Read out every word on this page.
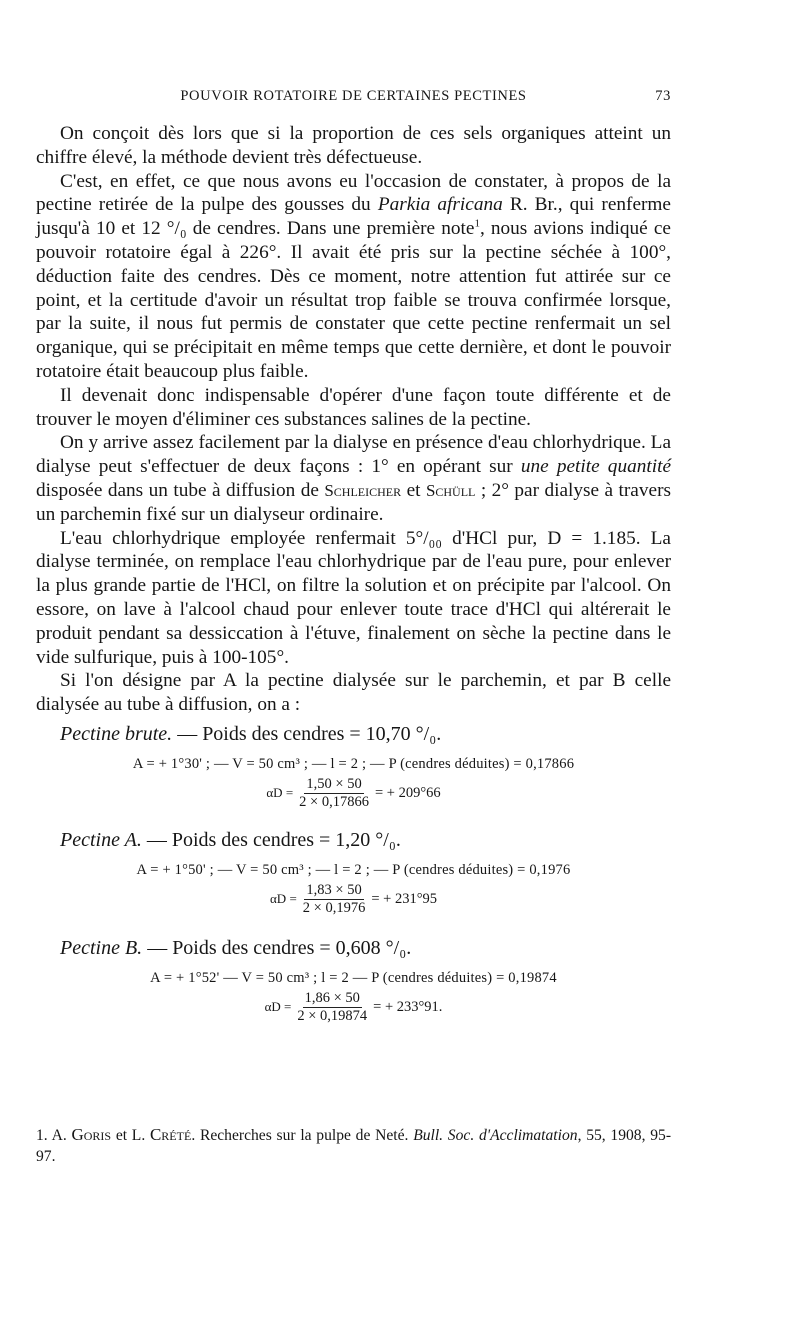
POUVOIR ROTATOIRE DE CERTAINES PECTINES	73

On conçoit dès lors que si la proportion de ces sels organiques atteint un chiffre élevé, la méthode devient très défectueuse.

C'est, en effet, ce que nous avons eu l'occasion de constater, à propos de la pectine retirée de la pulpe des gousses du Parkia africana R. Br., qui renferme jusqu'à 10 et 12 °/₀ de cendres. Dans une première note$^1$, nous avions indiqué ce pouvoir rotatoire égal à 226°. Il avait été pris sur la pectine séchée à 100°, déduction faite des cendres. Dès ce moment, notre attention fut attirée sur ce point, et la certitude d'avoir un résultat trop faible se trouva confirmée lorsque, par la suite, il nous fut permis de constater que cette pectine renfermait un sel organique, qui se précipitait en même temps que cette dernière, et dont le pouvoir rotatoire était beaucoup plus faible.

Il devenait donc indispensable d'opérer d'une façon toute différente et de trouver le moyen d'éliminer ces substances salines de la pectine.

On y arrive assez facilement par la dialyse en présence d'eau chlorhydrique. La dialyse peut s'effectuer de deux façons : 1° en opérant sur une petite quantité disposée dans un tube à diffusion de Schleicher et Schüll ; 2° par dialyse à travers un parchemin fixé sur un dialyseur ordinaire.

L'eau chlorhydrique employée renfermait 5°/₀₀ d'HCl pur, D = 1.185. La dialyse terminée, on remplace l'eau chlorhydrique par de l'eau pure, pour enlever la plus grande partie de l'HCl, on filtre la solution et on précipite par l'alcool. On essore, on lave à l'alcool chaud pour enlever toute trace d'HCl qui altérerait le produit pendant sa dessiccation à l'étuve, finalement on sèche la pectine dans le vide sulfurique, puis à 100-105°.

Si l'on désigne par A la pectine dialysée sur le parchemin, et par B celle dialysée au tube à diffusion, on a :

Pectine brute. — Poids des cendres = 10,70 °/₀.

A = + 1°30' ; — V = 50 cm³ ; — l = 2 ; — P (cendres déduites) = 0,17866
$\alpha D = \frac{1,50 \times 50}{2 \times 0,17866}$ = + 209°66

Pectine A. — Poids des cendres = 1,20 °/₀.

A = + 1°50' ; — V = 50 cm³ ; — l = 2 ; — P (cendres déduites) = 0,1976
$\alpha D = \frac{1,83 \times 50}{2 \times 0,1976}$ = + 231°95

Pectine B. — Poids des cendres = 0,608 °/₀.

A = + 1°52' — V = 50 cm³ ; l = 2 — P (cendres déduites) = 0,19874
$\alpha D = \frac{1,86 \times 50}{2 \times 0,19874}$ = + 233°91.
1. A. Goris et L. Crété. Recherches sur la pulpe de Neté. Bull. Soc. d'Acclimatation, 55, 1908, 95-97.
